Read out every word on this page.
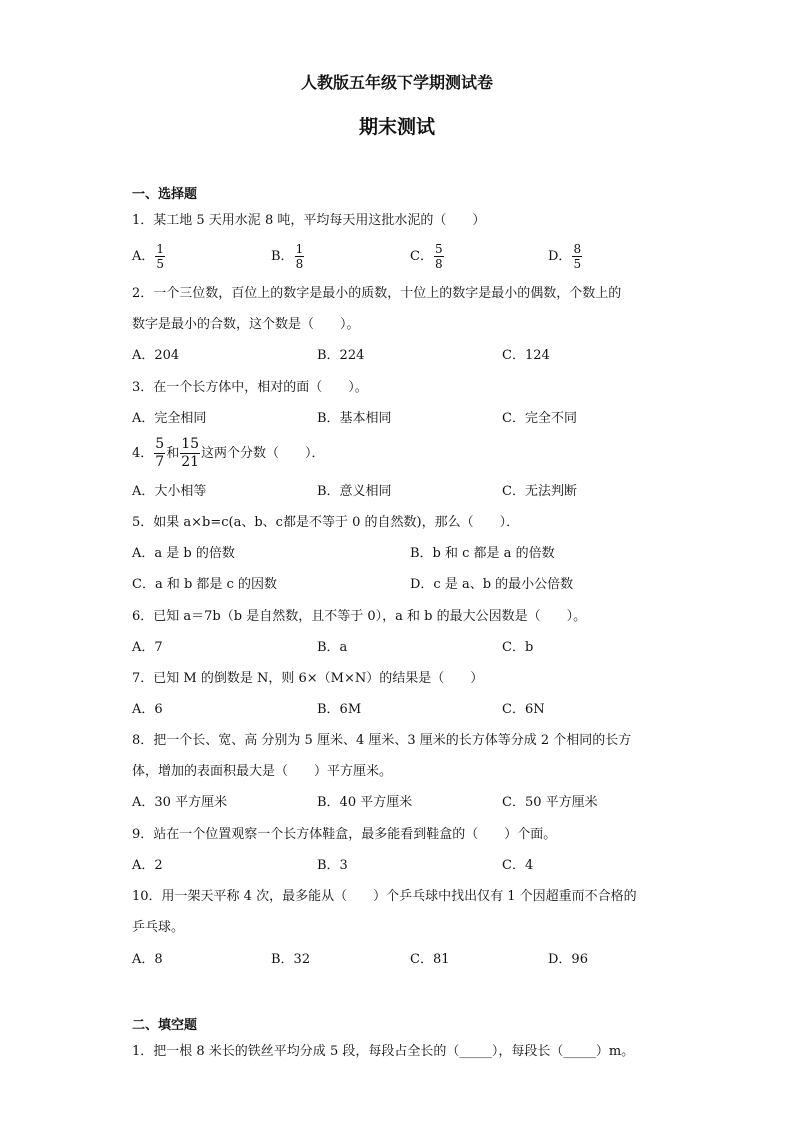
人教版五年级下学期测试卷
期末测试
一、选择题
1．某工地 5 天用水泥 8 吨，平均每天用这批水泥的（　　）
A． $\frac{1}{5}$	B． $\frac{1}{8}$	C． $\frac{5}{8}$	D． $\frac{8}{5}$
2．一个三位数，百位上的数字是最小的质数，十位上的数字是最小的偶数，个数上的
数字是最小的合数，这个数是（　　）。
A．204	B．224	C．124
3．在一个长方体中，相对的面（　　）。
A．完全相同	B．基本相同	C．完全不同
4． $\frac{5}{7}$ 和 $\frac{15}{21}$ 这两个分数（　　）．
A．大小相等	B．意义相同	C．无法判断
5．如果 a×b=c(a、b、c都是不等于 0 的自然数)，那么（　　）．
A．a 是 b 的倍数	B．b 和 c 都是 a 的倍数
C．a 和 b 都是 c 的因数	D．c 是 a、b 的最小公倍数
6．已知 a＝7b（b 是自然数，且不等于 0），a 和 b 的最大公因数是（　　）。
A．7	B．a	C．b
7．已知 M 的倒数是 N，则 6×（M×N）的结果是（　　）
A．6	B．6M	C．6N
8．把一个长、宽、高 分别为 5 厘米、4 厘米、3 厘米的长方体等分成 2 个相同的长方
体，增加的表面积最大是（　　）平方厘米。
A．30 平方厘米	B．40 平方厘米	C．50 平方厘米
9．站在一个位置观察一个长方体鞋盒，最多能看到鞋盒的（　　）个面。
A．2	B．3	C．4
10．用一架天平称 4 次，最多能从（　　）个乒乓球中找出仅有 1 个因超重而不合格的
乒乓球。
A．8	B．32	C．81	D．96
二、填空题
1．把一根 8 米长的铁丝平均分成 5 段，每段占全长的（_____），每段长（_____）m。
